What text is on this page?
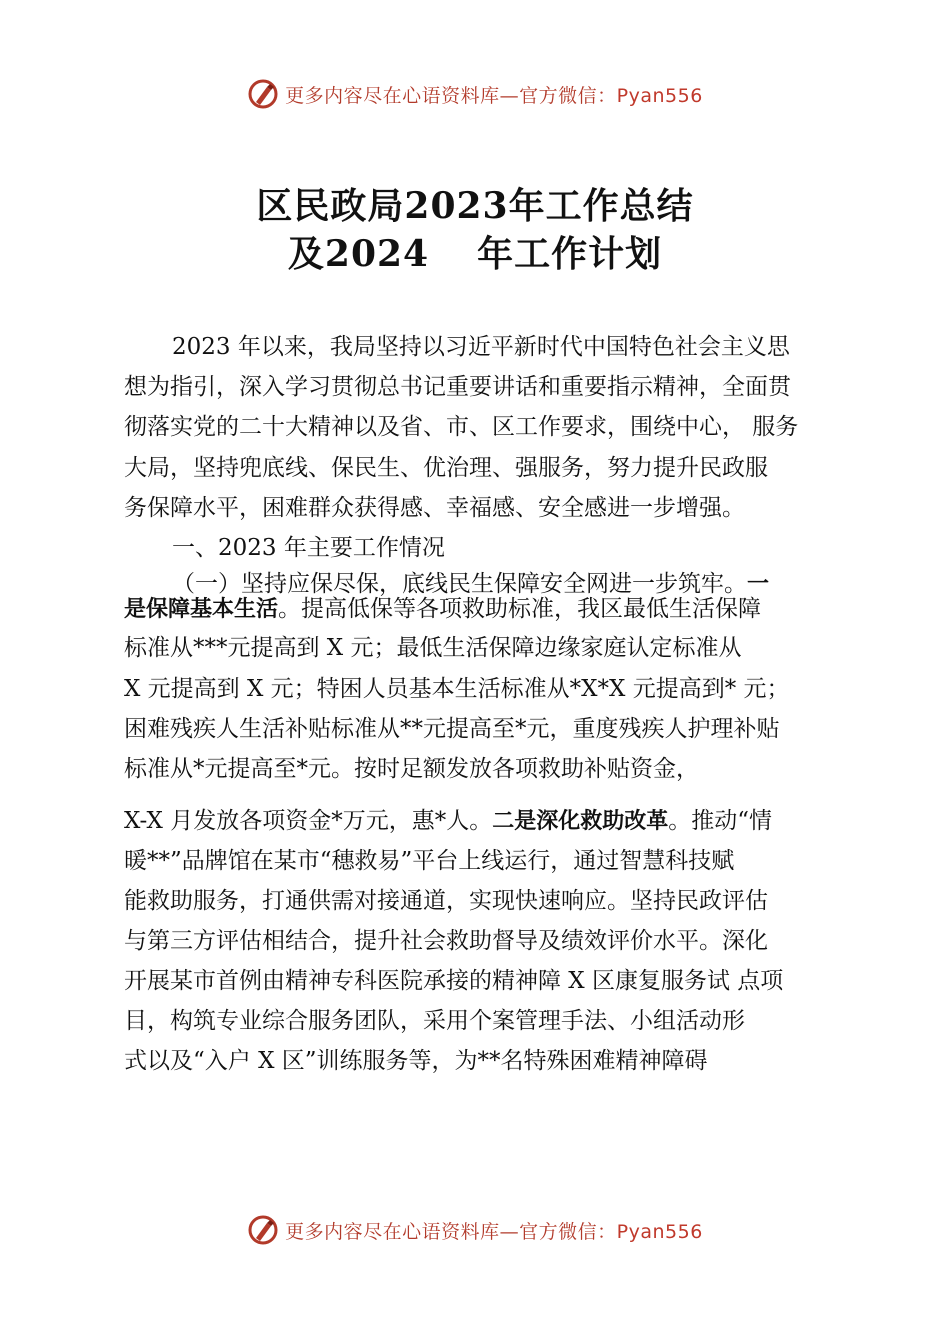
更多内容尽在心语资料库—官方微信：Pyan556
区民政局2023年工作总结
及2024 年工作计划
2023 年以来，我局坚持以习近平新时代中国特色社会主义思
想为指引，深入学习贯彻总书记重要讲话和重要指示精神，全面贯
彻落实党的二十大精神以及省、市、区工作要求，围绕中心， 服务
大局，坚持兜底线、保民生、优治理、强服务，努力提升民政服
务保障水平，困难群众获得感、幸福感、安全感进一步增强。
一、2023 年主要工作情况
（一）坚持应保尽保，底线民生保障安全网进一步筑牢。一
是保障基本生活。提高低保等各项救助标准，我区最低生活保障
标准从***元提高到 X 元；最低生活保障边缘家庭认定标准从
X 元提高到 X 元；特困人员基本生活标准从*X*X 元提高到* 元；
困难残疾人生活补贴标准从**元提高至*元，重度残疾人护理补贴
标准从*元提高至*元。按时足额发放各项救助补贴资金，
X-X 月发放各项资金*万元，惠*人。二是深化救助改革。推动“情
暖**”品牌馆在某市“穗救易”平台上线运行，通过智慧科技赋
能救助服务，打通供需对接通道，实现快速响应。坚持民政评估
与第三方评估相结合，提升社会救助督导及绩效评价水平。深化
开展某市首例由精神专科医院承接的精神障 X 区康复服务试 点项
目，构筑专业综合服务团队，采用个案管理手法、小组活动形
式以及“入户 X 区”训练服务等，为**名特殊困难精神障碍
更多内容尽在心语资料库—官方微信：Pyan556
